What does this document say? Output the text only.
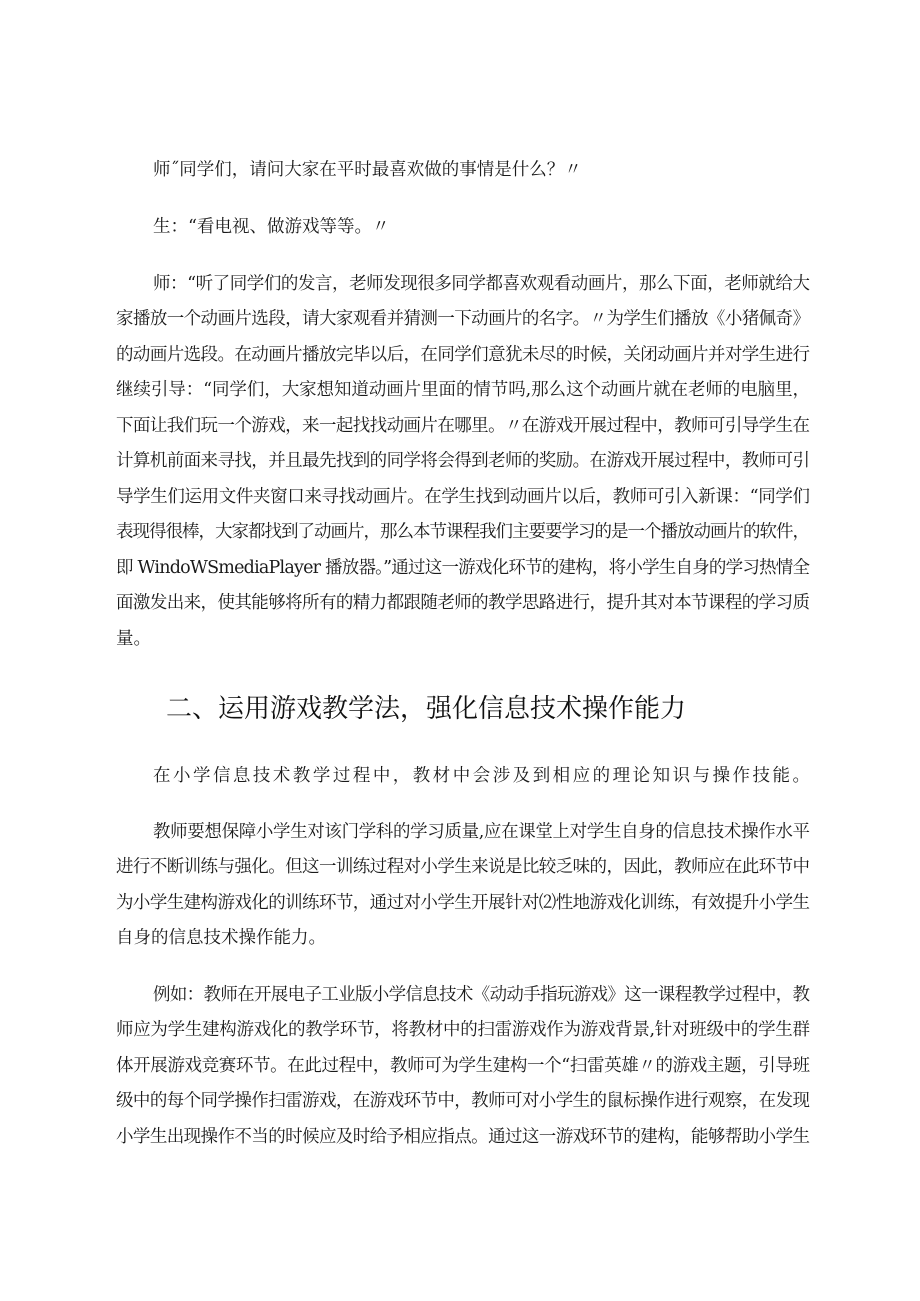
师˝同学们，请问大家在平时最喜欢做的事情是什么？〃
生：“看电视、做游戏等等。〃
师：“听了同学们的发言，老师发现很多同学都喜欢观看动画片，那么下面，老师就给大
家播放一个动画片选段，请大家观看并猜测一下动画片的名字。〃为学生们播放《小猪佩奇》
的动画片选段。在动画片播放完毕以后，在同学们意犹未尽的时候，关闭动画片并对学生进行
继续引导：“同学们，大家想知道动画片里面的情节吗,那么这个动画片就在老师的电脑里，
下面让我们玩一个游戏，来一起找找动画片在哪里。〃在游戏开展过程中，教师可引导学生在
计算机前面来寻找，并且最先找到的同学将会得到老师的奖励。在游戏开展过程中，教师可引
导学生们运用文件夹窗口来寻找动画片。在学生找到动画片以后，教师可引入新课：“同学们
表现得很棒，大家都找到了动画片，那么本节课程我们主要要学习的是一个播放动画片的软件，
即 WindoWSmediaPlayer 播放器。”通过这一游戏化环节的建构，将小学生自身的学习热情全
面激发出来，使其能够将所有的精力都跟随老师的教学思路进行，提升其对本节课程的学习质
量。
二、运用游戏教学法，强化信息技术操作能力
在小学信息技术教学过程中，教材中会涉及到相应的理论知识与操作技能。
教师要想保障小学生对该门学科的学习质量,应在课堂上对学生自身的信息技术操作水平
进行不断训练与强化。但这一训练过程对小学生来说是比较乏味的，因此，教师应在此环节中
为小学生建构游戏化的训练环节，通过对小学生开展针对⑵性地游戏化训练，有效提升小学生
自身的信息技术操作能力。
例如：教师在开展电子工业版小学信息技术《动动手指玩游戏》这一课程教学过程中，教
师应为学生建构游戏化的教学环节，将教材中的扫雷游戏作为游戏背景,针对班级中的学生群
体开展游戏竞赛环节。在此过程中，教师可为学生建构一个“扫雷英雄〃的游戏主题，引导班
级中的每个同学操作扫雷游戏，在游戏环节中，教师可对小学生的鼠标操作进行观察，在发现
小学生出现操作不当的时候应及时给予相应指点。通过这一游戏环节的建构，能够帮助小学生
